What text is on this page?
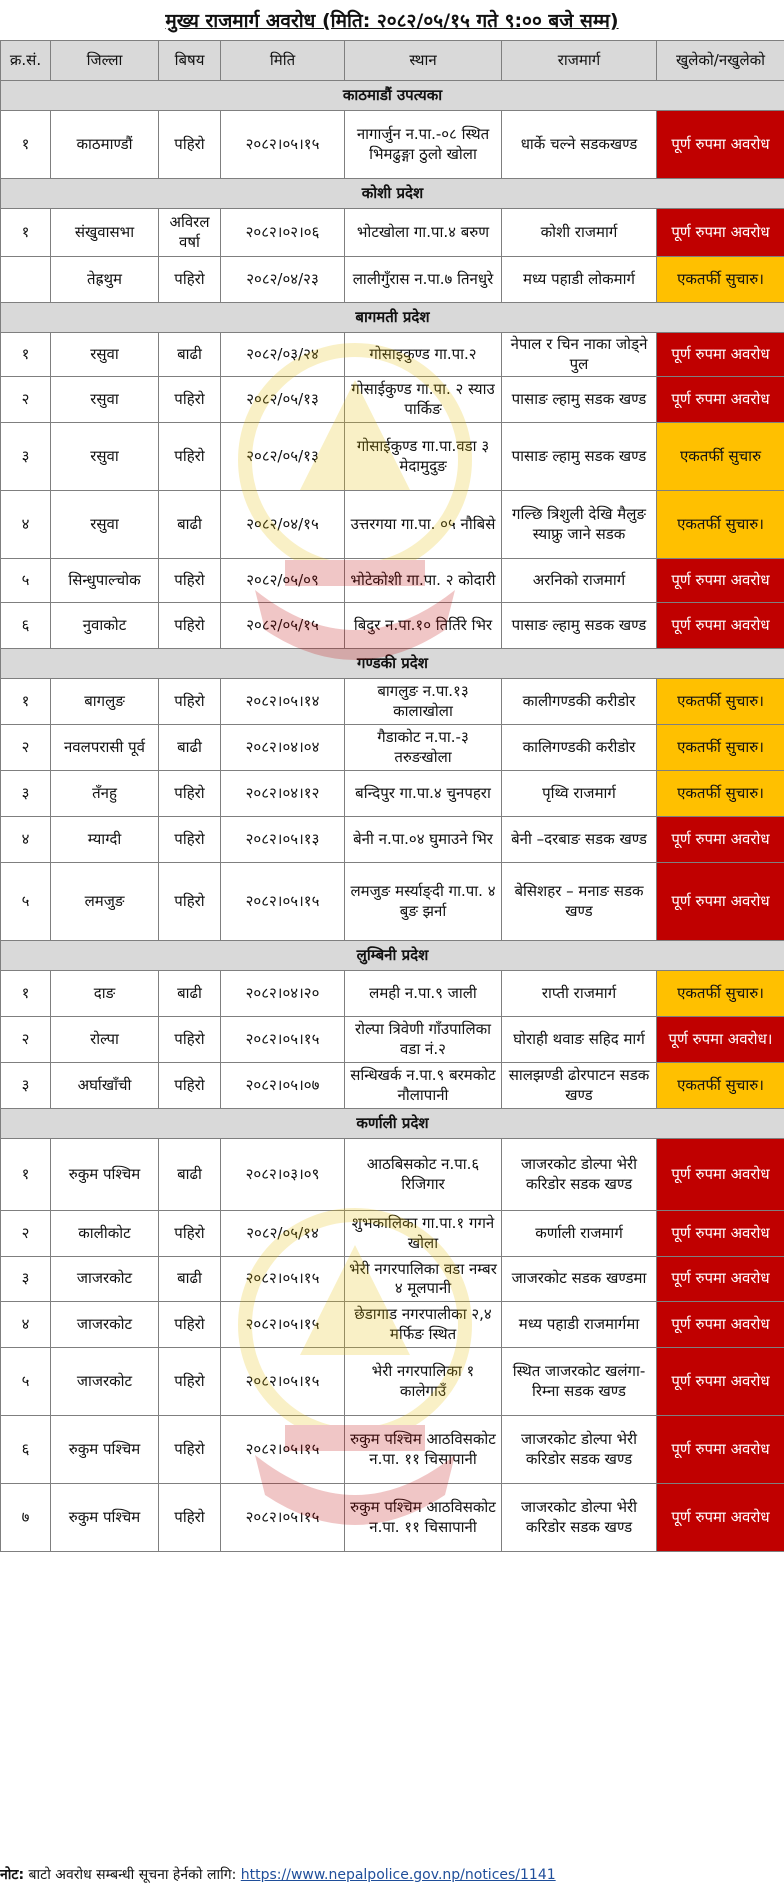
मुख्य राजमार्ग अवरोध (मिति: २०८२/०५/१५ गते ९:०० बजे सम्म)
क्र.सं.	जिल्ला	बिषय	मिति	स्थान	राजमार्ग	खुलेको/नखुलेको
काठमाडौं उपत्यका						
१	काठमाण्डौं	पहिरो	२०८२।०५।१५	नागार्जुन न.पा.-०८ स्थित भिमढुङ्गा ठुलो खोला	धार्के चल्ने सडकखण्ड	पूर्ण रुपमा अवरोध
कोशी प्रदेश						
१	संखुवासभा	अविरल वर्षा	२०८२।०२।०६	भोटखोला गा.पा.४ बरुण	कोशी राजमार्ग	पूर्ण रुपमा अवरोध
	तेह्रथुम	पहिरो	२०८२/०४/२३	लालीगुँरास न.पा.७ तिनधुरे	मध्य पहाडी लोकमार्ग	एकतर्फी सुचारु।
बागमती प्रदेश						
१	रसुवा	बाढी	२०८२/०३/२४	गोसाइकुण्ड गा.पा.२	नेपाल र चिन नाका जोड्ने पुल	पूर्ण रुपमा अवरोध
२	रसुवा	पहिरो	२०८२/०५/१३	गोसाईकुण्ड गा.पा. २ स्याउ पार्किङ	पासाङ ल्हामु सडक खण्ड	पूर्ण रुपमा अवरोध
३	रसुवा	पहिरो	२०८२/०५/१३	गोसाईकुण्ड गा.पा.वडा ३ मेदामुदुङ	पासाङ ल्हामु सडक खण्ड	एकतर्फी सुचारु
४	रसुवा	बाढी	२०८२/०४/१५	उत्तरगया गा.पा. ०५ नौबिसे	गल्छि त्रिशुली देखि मैलुङ स्याफ्रु जाने सडक	एकतर्फी सुचारु।
५	सिन्धुपाल्चोक	पहिरो	२०८२/०५/०९	भोटेकोशी गा.पा. २ कोदारी	अरनिको राजमार्ग	पूर्ण रुपमा अवरोध
६	नुवाकोट	पहिरो	२०८२/०५/१५	बिदुर न.पा.१० तिर्तिरे भिर	पासाङ ल्हामु सडक खण्ड	पूर्ण रुपमा अवरोध
गण्डकी प्रदेश						
१	बागलुङ	पहिरो	२०८२।०५।१४	बागलुङ न.पा.१३ कालाखोला	कालीगण्डकी करीडोर	एकतर्फी सुचारु।
२	नवलपरासी पूर्व	बाढी	२०८२।०४।०४	गैडाकोट न.पा.-३ तरुङखोला	कालिगण्डकी करीडोर	एकतर्फी सुचारु।
३	तँनहु	पहिरो	२०८२।०४।१२	बन्दिपुर गा.पा.४ चुनपहरा	पृथ्वि राजमार्ग	एकतर्फी सुचारु।
४	म्याग्दी	पहिरो	२०८२।०५।१३	बेनी न.पा.०४ घुमाउने भिर	बेनी –दरबाङ सडक खण्ड	पूर्ण रुपमा अवरोध
५	लमजुङ	पहिरो	२०८२।०५।१५	लमजुङ मर्स्याङ्दी गा.पा. ४ बुङ झर्ना	बेसिशहर – मनाङ सडक खण्ड	पूर्ण रुपमा अवरोध
लुम्बिनी प्रदेश						
१	दाङ	बाढी	२०८२।०४।२०	लमही न.पा.९ जाली	राप्ती राजमार्ग	एकतर्फी सुचारु।
२	रोल्पा	पहिरो	२०८२।०५।१५	रोल्पा त्रिवेणी गाँउपालिका वडा नं.२	घोराही थवाङ सहिद मार्ग	पूर्ण रुपमा अवरोध।
३	अर्घाखाँची	पहिरो	२०८२।०५।०७	सन्धिखर्क न.पा.९ बरमकोट नौलापानी	सालझण्डी ढोरपाटन सडक खण्ड	एकतर्फी सुचारु।
कर्णाली प्रदेश						
१	रुकुम पश्चिम	बाढी	२०८२।०३।०९	आठबिसकोट न.पा.६ रिजिगार	जाजरकोट डोल्पा भेरी करिडोर सडक खण्ड	पूर्ण रुपमा अवरोध
२	कालीकोट	पहिरो	२०८२/०५/१४	शुभकालिका गा.पा.१ गगने खोला	कर्णाली राजमार्ग	पूर्ण रुपमा अवरोध
३	जाजरकोट	बाढी	२०८२।०५।१५	भेरी नगरपालिका वडा नम्बर ४ मूलपानी	जाजरकोट सडक खण्डमा	पूर्ण रुपमा अवरोध
४	जाजरकोट	पहिरो	२०८२।०५।१५	छेडागाड नगरपालीका २,४ मर्फिङ स्थित	मध्य पहाडी राजमार्गमा	पूर्ण रुपमा अवरोध
५	जाजरकोट	पहिरो	२०८२।०५।१५	भेरी नगरपालिका १ कालेगाउँ	स्थित जाजरकोट खलंगा-रिम्ना सडक खण्ड	पूर्ण रुपमा अवरोध
६	रुकुम पश्चिम	पहिरो	२०८२।०५।१५	रुकुम पश्चिम आठविसकोट न.पा. ११ चिसापानी	जाजरकोट डोल्पा भेरी करिडोर सडक खण्ड	पूर्ण रुपमा अवरोध
७	रुकुम पश्चिम	पहिरो	२०८२।०५।१५	रुकुम पश्चिम आठविसकोट न.पा. ११ चिसापानी	जाजरकोट डोल्पा भेरी करिडोर सडक खण्ड	पूर्ण रुपमा अवरोध
नोट: बाटो अवरोध सम्बन्धी सूचना हेर्नको लागि: https://www.nepalpolice.gov.np/notices/1141
